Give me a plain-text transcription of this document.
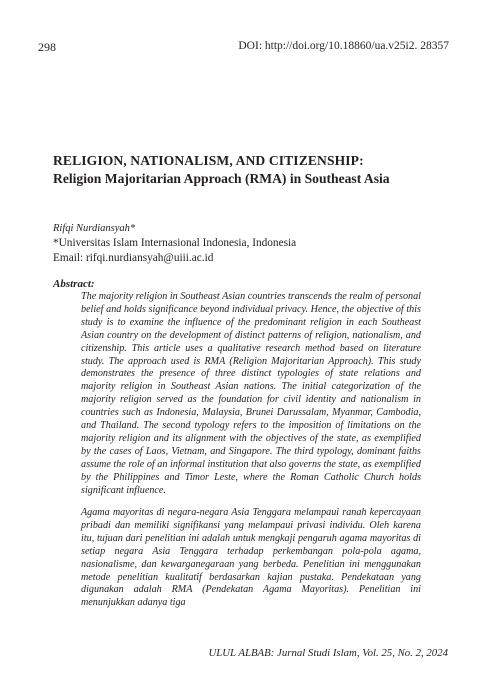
298	DOI: http://doi.org/10.18860/ua.v25i2. 28357
RELIGION, NATIONALISM, AND CITIZENSHIP:
Religion Majoritarian Approach (RMA) in Southeast Asia
Rifqi Nurdiansyah*
*Universitas Islam Internasional Indonesia, Indonesia
Email: rifqi.nurdiansyah@uiii.ac.id
Abstract:

The majority religion in Southeast Asian countries transcends the realm of personal belief and holds significance beyond individual privacy. Hence, the objective of this study is to examine the influence of the predominant religion in each Southeast Asian country on the development of distinct patterns of religion, nationalism, and citizenship. This article uses a qualitative research method based on literature study. The approach used is RMA (Religion Majoritarian Approach). This study demonstrates the presence of three distinct typologies of state relations and majority religion in Southeast Asian nations. The initial categorization of the majority religion served as the foundation for civil identity and nationalism in countries such as Indonesia, Malaysia, Brunei Darussalam, Myanmar, Cambodia, and Thailand. The second typology refers to the imposition of limitations on the majority religion and its alignment with the objectives of the state, as exemplified by the cases of Laos, Vietnam, and Singapore. The third typology, dominant faiths assume the role of an informal institution that also governs the state, as exemplified by the Philippines and Timor Leste, where the Roman Catholic Church holds significant influence.

Agama mayoritas di negara-negara Asia Tenggara melampaui ranah kepercayaan pribadi dan memiliki signifikansi yang melampaui privasi individu. Oleh karena itu, tujuan dari penelitian ini adalah untuk mengkaji pengaruh agama mayoritas di setiap negara Asia Tenggara terhadap perkembangan pola-pola agama, nasionalisme, dan kewarganegaraan yang berbeda. Penelitian ini menggunakan metode penelitian kualitatif berdasarkan kajian pustaka. Pendekataan yang digunakan adalah RMA (Pendekatan Agama Mayoritas). Penelitian ini menunjukkan adanya tiga

ULUL ALBAB: Jurnal Studi Islam, Vol. 25, No. 2, 2024
